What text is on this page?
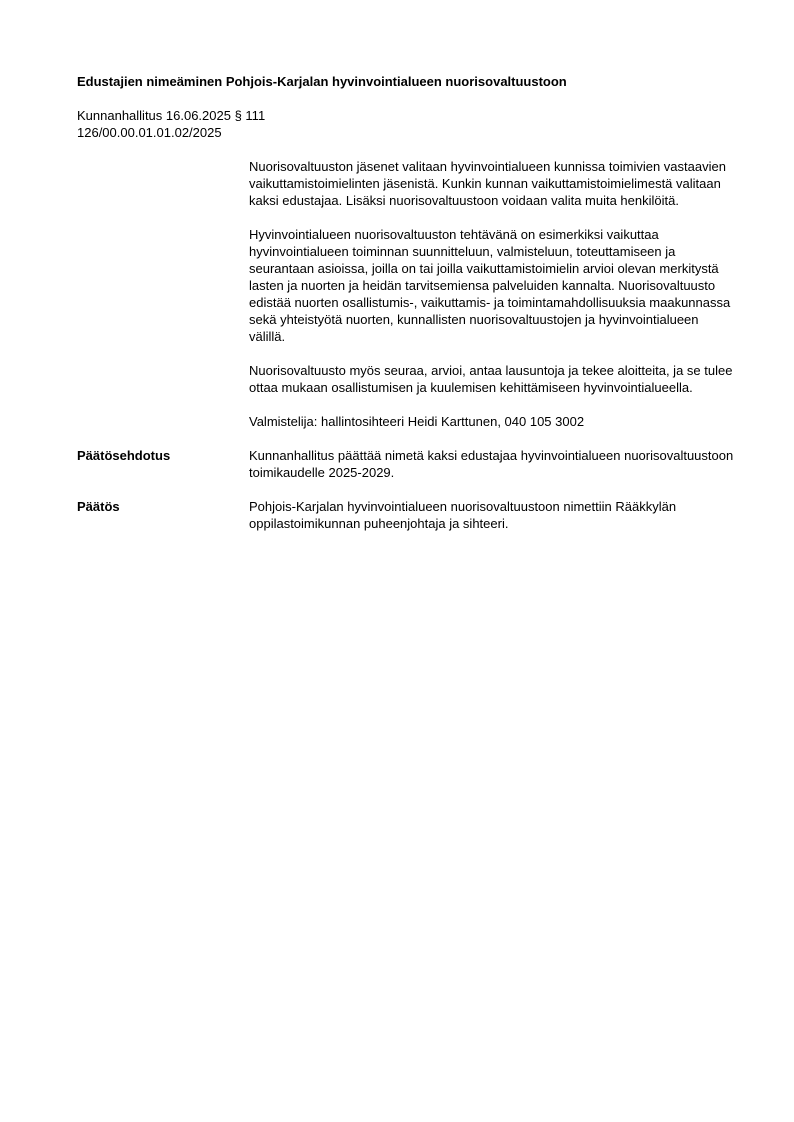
Edustajien nimeäminen Pohjois-Karjalan hyvinvointialueen nuorisovaltuustoon
Kunnanhallitus 16.06.2025 § 111
126/00.00.01.01.02/2025

Nuorisovaltuuston jäsenet valitaan hyvinvointialueen kunnissa toimivien vastaavien vaikuttamistoimielinten jäsenistä. Kunkin kunnan vaikuttamistoimielimestä valitaan kaksi edustajaa. Lisäksi nuorisovaltuustoon voidaan valita muita henkilöitä.

Hyvinvointialueen nuorisovaltuuston tehtävänä on esimerkiksi vaikuttaa hyvinvointialueen toiminnan suunnitteluun, valmisteluun, toteuttamiseen ja seurantaan asioissa, joilla on tai joilla vaikuttamistoimielin arvioi olevan merkitystä lasten ja nuorten ja heidän tarvitsemiensa palveluiden kannalta. Nuorisovaltuusto edistää nuorten osallistumis-, vaikuttamis- ja toimintamahdollisuuksia maakunnassa sekä yhteistyötä nuorten, kunnallisten nuorisovaltuustojen ja hyvinvointialueen välillä.

Nuorisovaltuusto myös seuraa, arvioi, antaa lausuntoja ja tekee aloitteita, ja se tulee ottaa mukaan osallistumisen ja kuulemisen kehittämiseen hyvinvointialueella.

Valmistelija: hallintosihteeri Heidi Karttunen, 040 105 3002

Päätösehdotus	Kunnanhallitus päättää nimetä kaksi edustajaa hyvinvointialueen nuorisovaltuustoon toimikaudelle 2025-2029.
Päätös	Pohjois-Karjalan hyvinvointialueen nuorisovaltuustoon nimettiin Rääkkylän oppilastoimikunnan puheenjohtaja ja sihteeri.
